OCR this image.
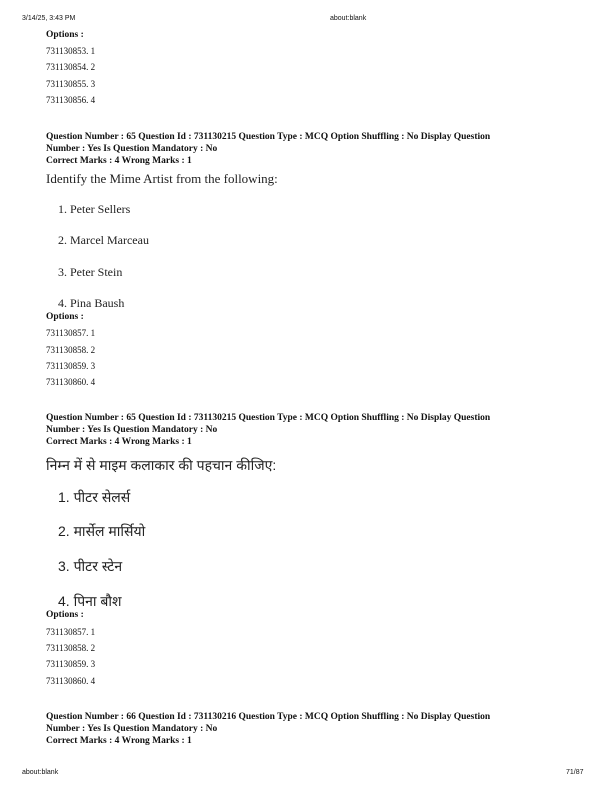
3/14/25, 3:43 PM	about:blank
Options :
731130853. 1
731130854. 2
731130855. 3
731130856. 4
Question Number : 65 Question Id : 731130215 Question Type : MCQ Option Shuffling : No Display Question
Number : Yes Is Question Mandatory : No
Correct Marks : 4 Wrong Marks : 1
Identify the Mime Artist from the following:
1. Peter Sellers
2. Marcel Marceau
3. Peter Stein
4. Pina Baush
Options :
731130857. 1
731130858. 2
731130859. 3
731130860. 4
Question Number : 65 Question Id : 731130215 Question Type : MCQ Option Shuffling : No Display Question
Number : Yes Is Question Mandatory : No
Correct Marks : 4 Wrong Marks : 1
निम्न में से माइम कलाकार की पहचान कीजिए:
1. पीटर सेलर्स
2. मार्सेल मार्सियो
3. पीटर स्टेन
4. पिना बौश
Options :
731130857. 1
731130858. 2
731130859. 3
731130860. 4
Question Number : 66 Question Id : 731130216 Question Type : MCQ Option Shuffling : No Display Question
Number : Yes Is Question Mandatory : No
Correct Marks : 4 Wrong Marks : 1
about:blank	71/87
